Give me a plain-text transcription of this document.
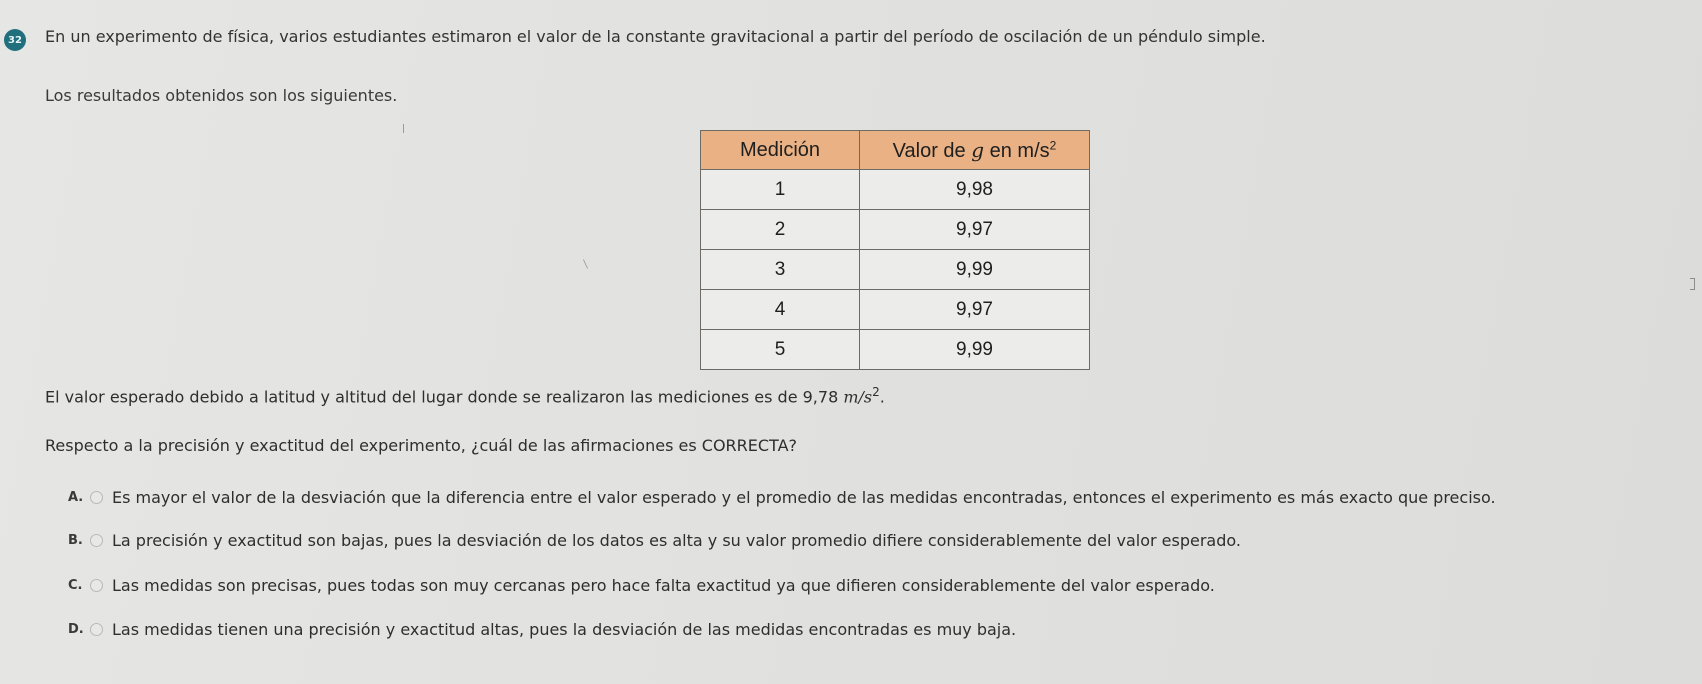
32 En un experimento de física, varios estudiantes estimaron el valor de la constante gravitacional a partir del período de oscilación de un péndulo simple.
Los resultados obtenidos son los siguientes.
Medición	Valor de g en $m/s^2$
1	9,98
2	9,97
3	9,99
4	9,97
5	9,99
El valor esperado debido a latitud y altitud del lugar donde se realizaron las mediciones es de 9,78 $m/s^2$.
Respecto a la precisión y exactitud del experimento, ¿cuál de las afirmaciones es CORRECTA?
A.	Es mayor el valor de la desviación que la diferencia entre el valor esperado y el promedio de las medidas encontradas, entonces el experimento es más exacto que preciso.
B.	La precisión y exactitud son bajas, pues la desviación de los datos es alta y su valor promedio difiere considerablemente del valor esperado.
C.	Las medidas son precisas, pues todas son muy cercanas pero hace falta exactitud ya que difieren considerablemente del valor esperado.
D.	Las medidas tienen una precisión y exactitud altas, pues la desviación de las medidas encontradas es muy baja.
